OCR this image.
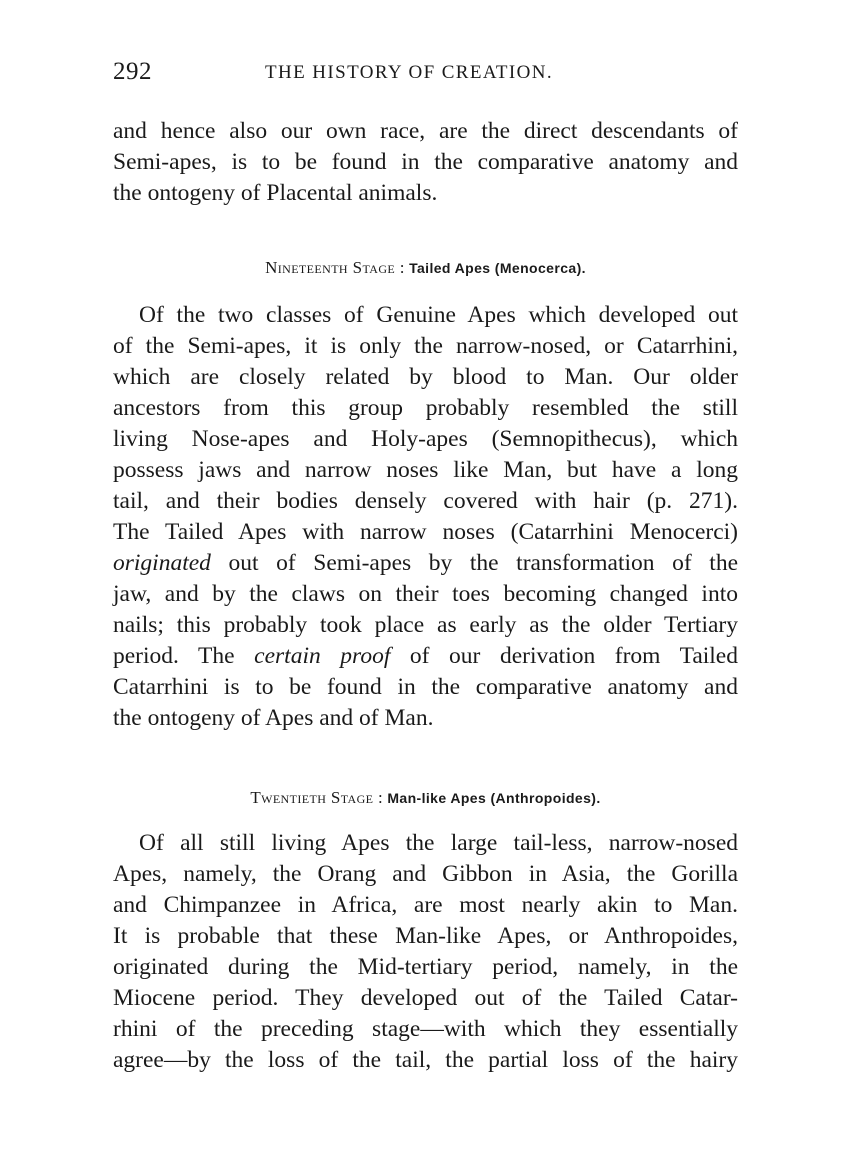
292	THE HISTORY OF CREATION.

and hence also our own race, are the direct descendants of
Semi-apes, is to be found in the comparative anatomy and
the ontogeny of Placental animals.

Nineteenth Stage : Tailed Apes (Menocerca).

Of the two classes of Genuine Apes which developed out
of the Semi-apes, it is only the narrow-nosed, or Catarrhini,
which are closely related by blood to Man. Our older
ancestors from this group probably resembled the still
living Nose-apes and Holy-apes (Semnopithecus), which
possess jaws and narrow noses like Man, but have a long
tail, and their bodies densely covered with hair (p. 271).
The Tailed Apes with narrow noses (Catarrhini Menocerci)
originated out of Semi-apes by the transformation of the
jaw, and by the claws on their toes becoming changed into
nails; this probably took place as early as the older Tertiary
period. The certain proof of our derivation from Tailed
Catarrhini is to be found in the comparative anatomy and
the ontogeny of Apes and of Man.

Twentieth Stage : Man-like Apes (Anthropoides).

Of all still living Apes the large tail-less, narrow-nosed
Apes, namely, the Orang and Gibbon in Asia, the Gorilla
and Chimpanzee in Africa, are most nearly akin to Man.
It is probable that these Man-like Apes, or Anthropoides,
originated during the Mid-tertiary period, namely, in the
Miocene period. They developed out of the Tailed Catar-
rhini of the preceding stage—with which they essentially
agree—by the loss of the tail, the partial loss of the hairy
